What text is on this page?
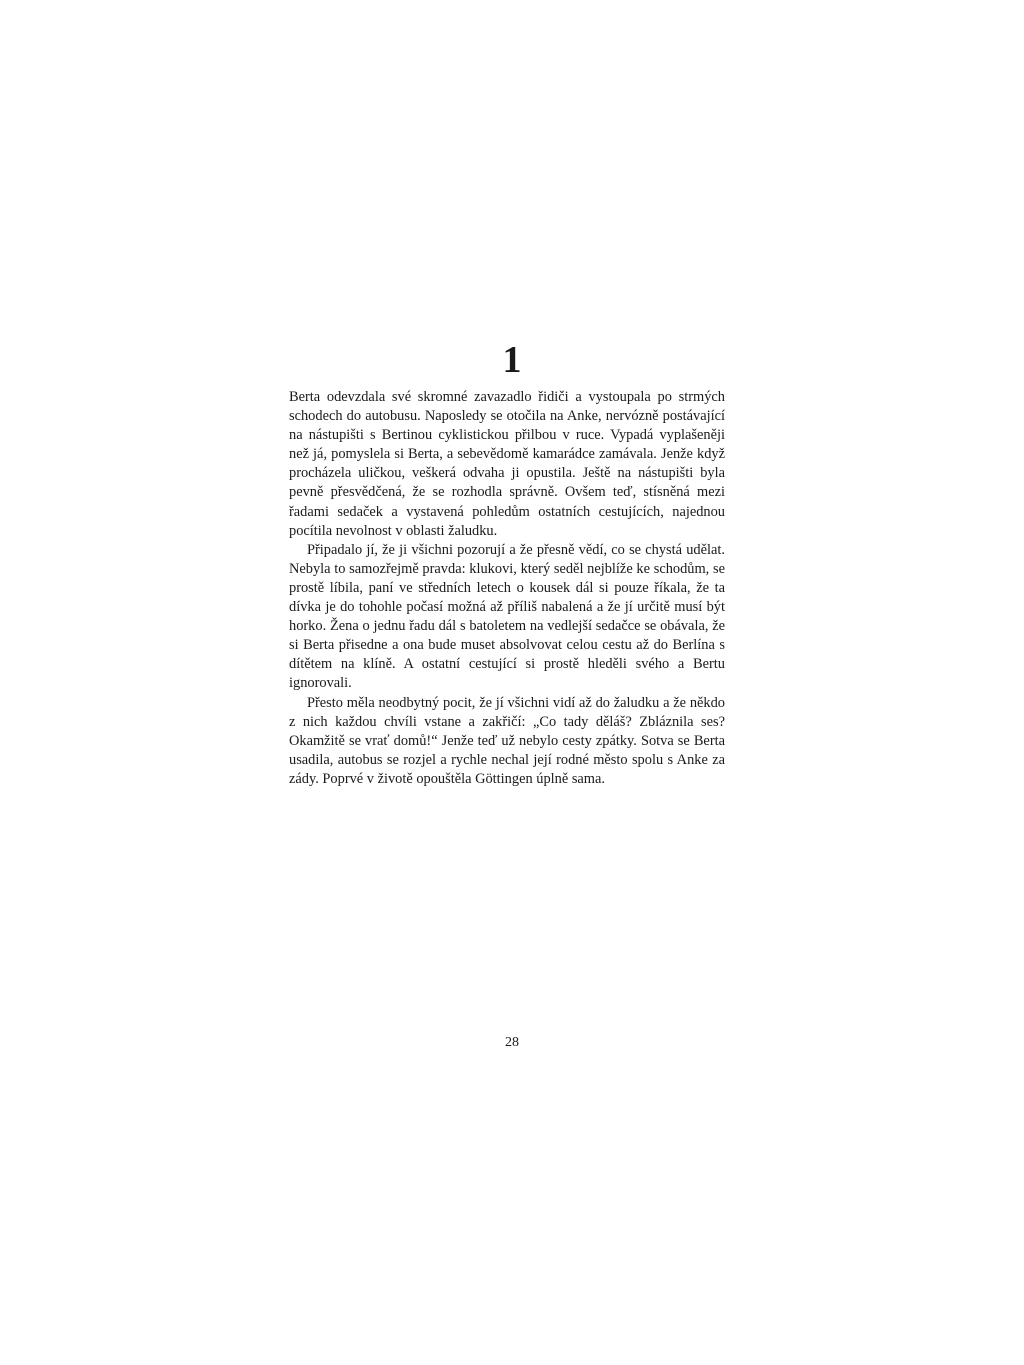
1

Berta odevzdala své skromné zavazadlo řidiči a vystoupala po strmých schodech do autobusu. Naposledy se otočila na Anke, nervózně postávající na nástupišti s Bertinou cyklistickou přilbou v ruce. Vypadá vyplašeněji než já, pomyslela si Berta, a sebevědomě kamarádce zamávala. Jenže když procházela uličkou, veškerá odvaha ji opustila. Ještě na nástupišti byla pevně přesvědčená, že se rozhodla správně. Ovšem teď, stísněná mezi řadami sedaček a vystavená pohledům ostatních cestujících, najednou pocítila nevolnost v oblasti žaludku.

Připadalo jí, že ji všichni pozorují a že přesně vědí, co se chystá udělat. Nebyla to samozřejmě pravda: klukovi, který seděl nejblíže ke schodům, se prostě líbila, paní ve středních letech o kousek dál si pouze říkala, že ta dívka je do tohohle počasí možná až příliš nabalená a že jí určitě musí být horko. Žena o jednu řadu dál s batoletem na vedlejší sedačce se obávala, že si Berta přisedne a ona bude muset absolvovat celou cestu až do Berlína s dítětem na klíně. A ostatní cestující si prostě hleděli svého a Bertu ignorovali.

Přesto měla neodbytný pocit, že jí všichni vidí až do žaludku a že někdo z nich každou chvíli vstane a zakřičí: „Co tady děláš? Zbláznila ses? Okamžitě se vrať domů!“ Jenže teď už nebylo cesty zpátky. Sotva se Berta usadila, autobus se rozjel a rychle nechal její rodné město spolu s Anke za zády. Poprvé v životě opouštěla Göttingen úplně sama.

28
